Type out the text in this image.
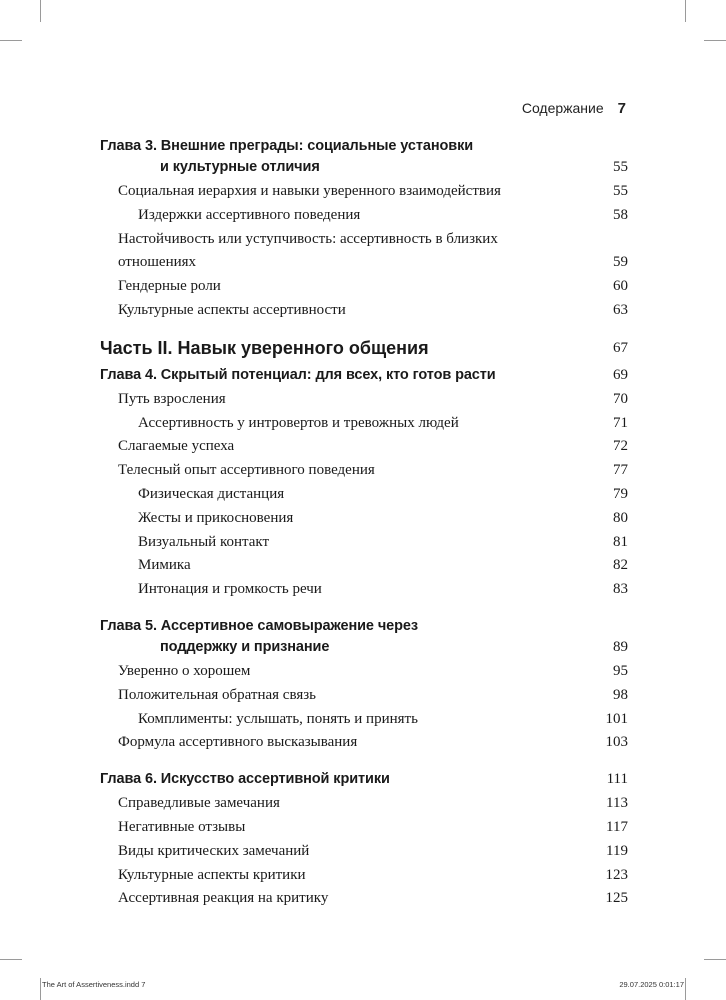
Содержание 7
Глава 3. Внешние преграды: социальные установки
и культурные отличия	55
Социальная иерархия и навыки уверенного взаимодействия	55
Издержки ассертивного поведения	58
Настойчивость или уступчивость: ассертивность в близких
отношениях	59
Гендерные роли	60
Культурные аспекты ассертивности	63
Часть II. Навык уверенного общения	67
Глава 4. Скрытый потенциал: для всех, кто готов расти	69
Путь взросления	70
Ассертивность у интровертов и тревожных людей	71
Слагаемые успеха	72
Телесный опыт ассертивного поведения	77
Физическая дистанция	79
Жесты и прикосновения	80
Визуальный контакт	81
Мимика	82
Интонация и громкость речи	83
Глава 5. Ассертивное самовыражение через
поддержку и признание	89
Уверенно о хорошем	95
Положительная обратная связь	98
Комплименты: услышать, понять и принять	101
Формула ассертивного высказывания	103
Глава 6. Искусство ассертивной критики	111
Справедливые замечания	113
Негативные отзывы	117
Виды критических замечаний	119
Культурные аспекты критики	123
Ассертивная реакция на критику	125
The Art of Assertiveness.indd 7	29.07.2025 0:01:17
